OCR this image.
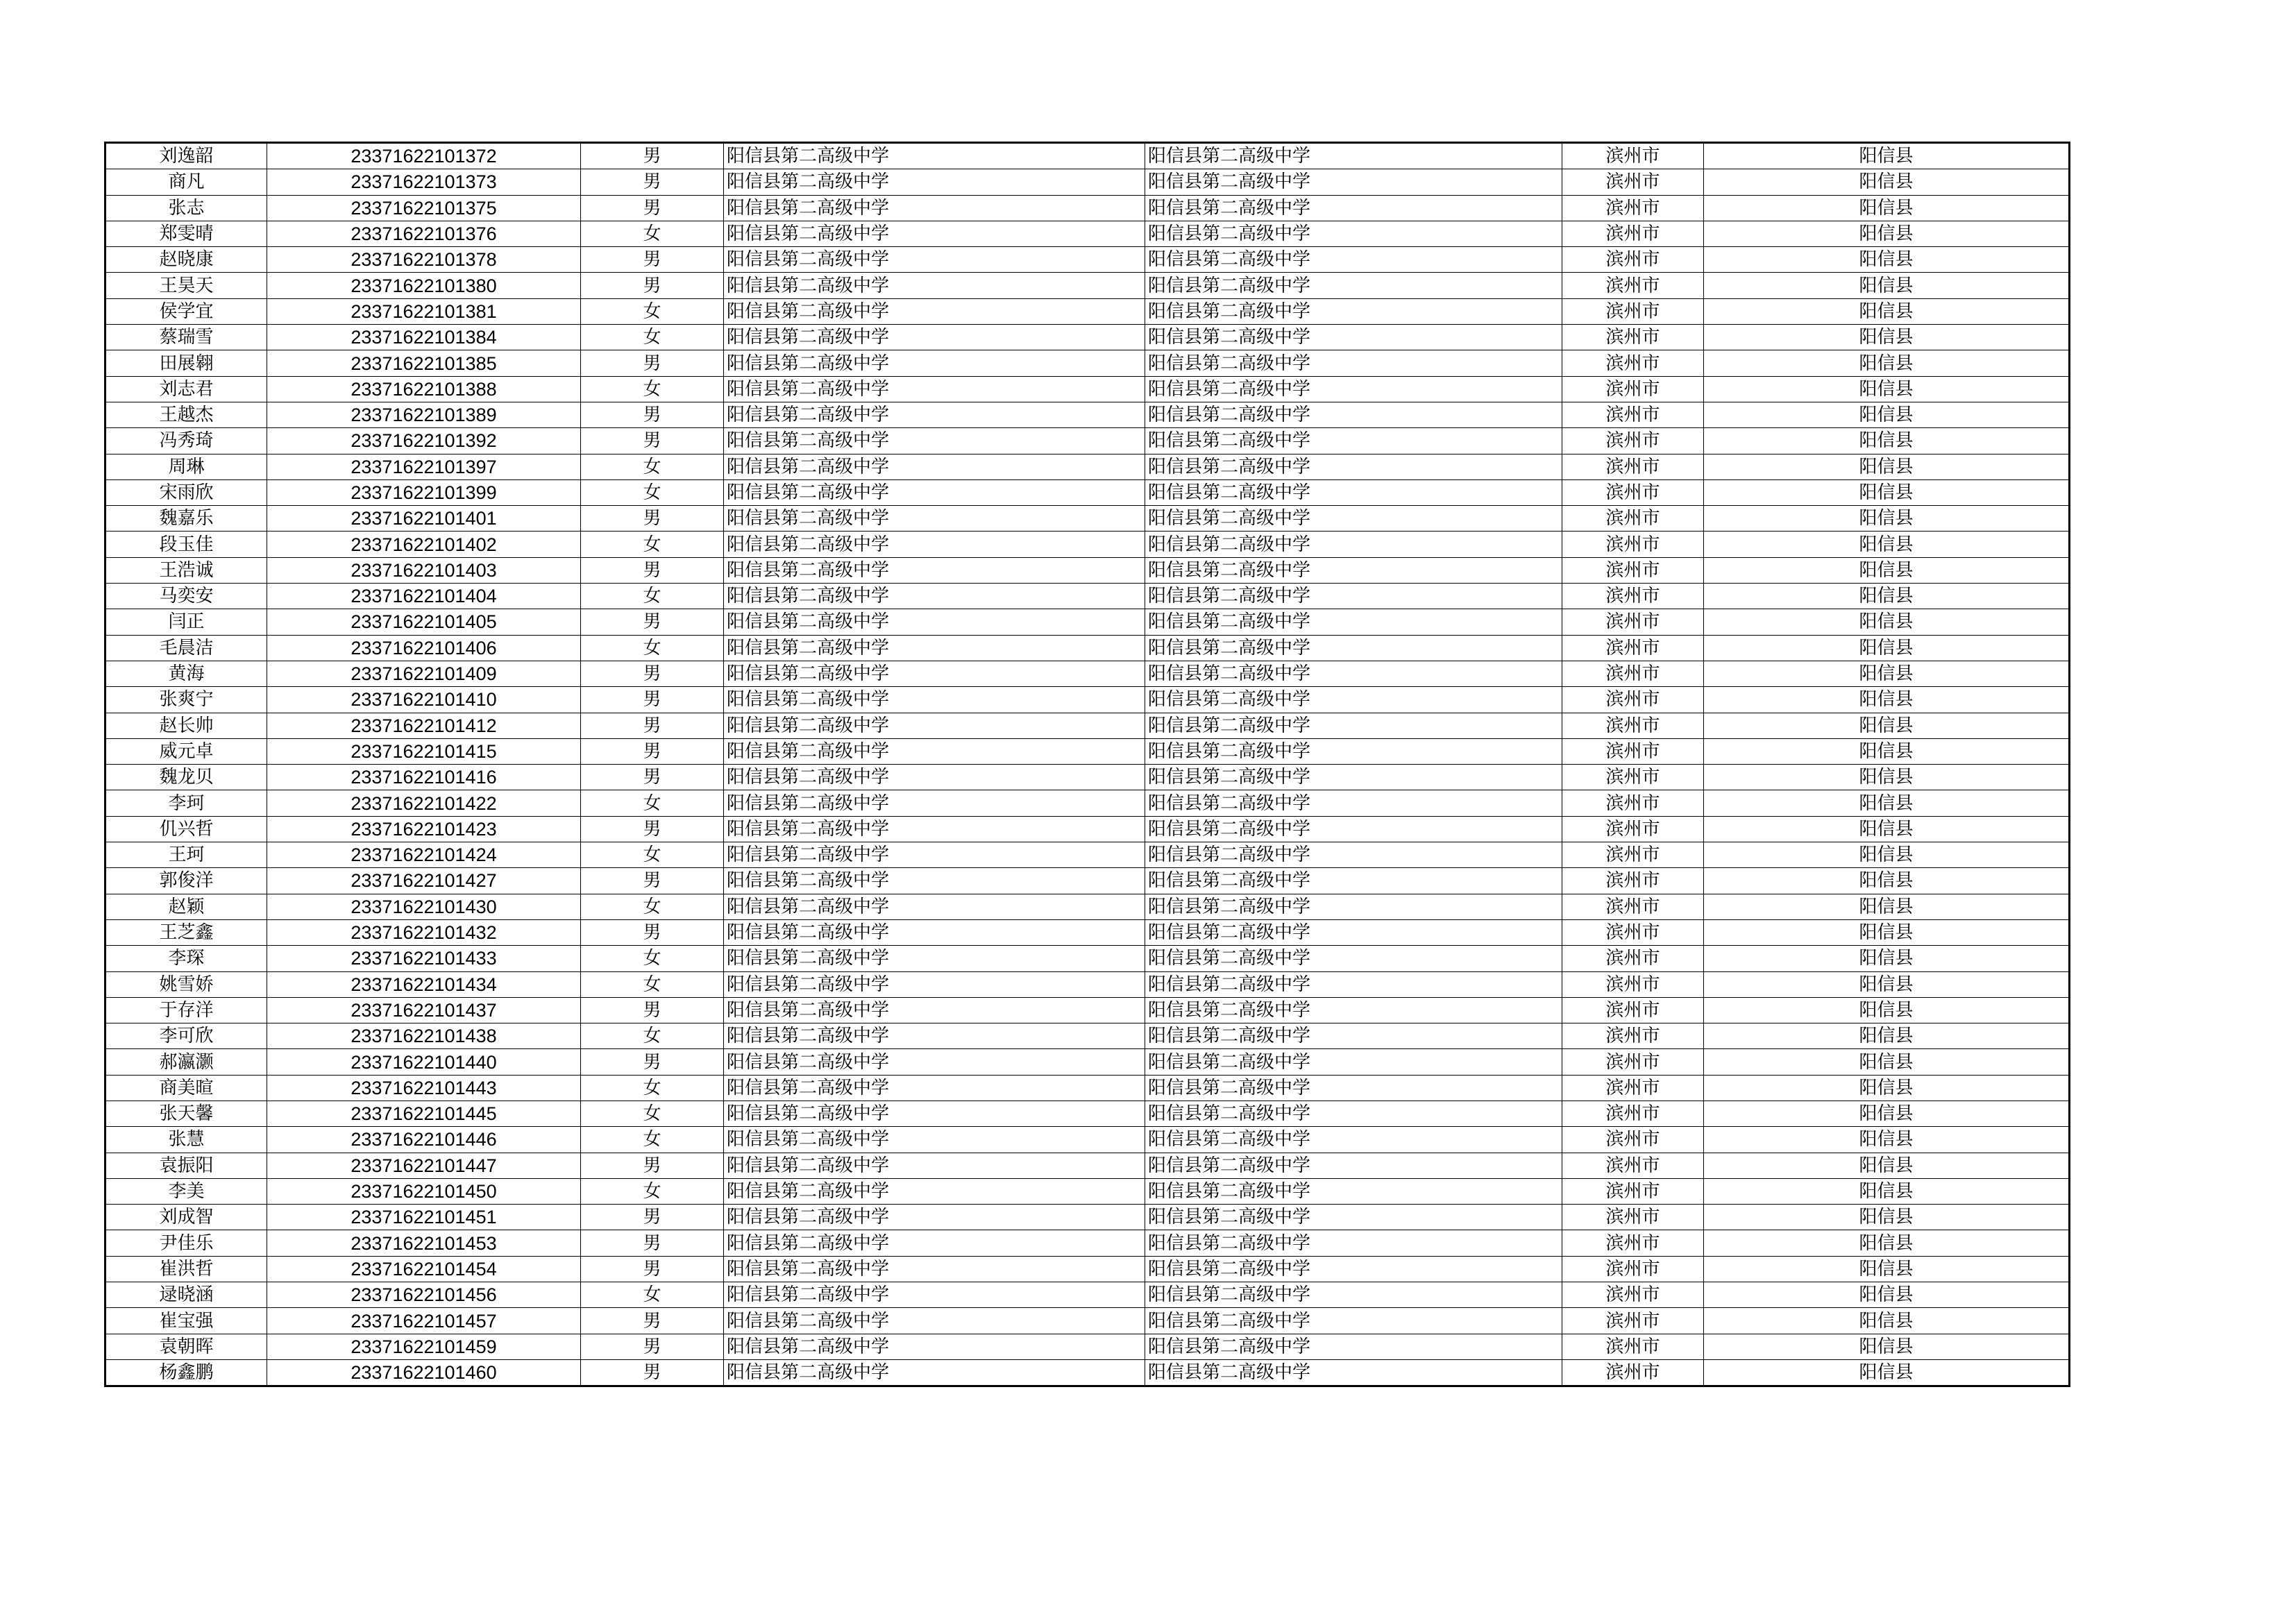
刘逸韶	23371622101372	男	阳信县第二高级中学	阳信县第二高级中学	滨州市	阳信县
商凡	23371622101373	男	阳信县第二高级中学	阳信县第二高级中学	滨州市	阳信县
张志	23371622101375	男	阳信县第二高级中学	阳信县第二高级中学	滨州市	阳信县
郑雯晴	23371622101376	女	阳信县第二高级中学	阳信县第二高级中学	滨州市	阳信县
赵晓康	23371622101378	男	阳信县第二高级中学	阳信县第二高级中学	滨州市	阳信县
王昊天	23371622101380	男	阳信县第二高级中学	阳信县第二高级中学	滨州市	阳信县
侯学宜	23371622101381	女	阳信县第二高级中学	阳信县第二高级中学	滨州市	阳信县
蔡瑞雪	23371622101384	女	阳信县第二高级中学	阳信县第二高级中学	滨州市	阳信县
田展翱	23371622101385	男	阳信县第二高级中学	阳信县第二高级中学	滨州市	阳信县
刘志君	23371622101388	女	阳信县第二高级中学	阳信县第二高级中学	滨州市	阳信县
王越杰	23371622101389	男	阳信县第二高级中学	阳信县第二高级中学	滨州市	阳信县
冯秀琦	23371622101392	男	阳信县第二高级中学	阳信县第二高级中学	滨州市	阳信县
周琳	23371622101397	女	阳信县第二高级中学	阳信县第二高级中学	滨州市	阳信县
宋雨欣	23371622101399	女	阳信县第二高级中学	阳信县第二高级中学	滨州市	阳信县
魏嘉乐	23371622101401	男	阳信县第二高级中学	阳信县第二高级中学	滨州市	阳信县
段玉佳	23371622101402	女	阳信县第二高级中学	阳信县第二高级中学	滨州市	阳信县
王浩诚	23371622101403	男	阳信县第二高级中学	阳信县第二高级中学	滨州市	阳信县
马奕安	23371622101404	女	阳信县第二高级中学	阳信县第二高级中学	滨州市	阳信县
闫正	23371622101405	男	阳信县第二高级中学	阳信县第二高级中学	滨州市	阳信县
毛晨洁	23371622101406	女	阳信县第二高级中学	阳信县第二高级中学	滨州市	阳信县
黄海	23371622101409	男	阳信县第二高级中学	阳信县第二高级中学	滨州市	阳信县
张爽宁	23371622101410	男	阳信县第二高级中学	阳信县第二高级中学	滨州市	阳信县
赵长帅	23371622101412	男	阳信县第二高级中学	阳信县第二高级中学	滨州市	阳信县
威元卓	23371622101415	男	阳信县第二高级中学	阳信县第二高级中学	滨州市	阳信县
魏龙贝	23371622101416	男	阳信县第二高级中学	阳信县第二高级中学	滨州市	阳信县
李珂	23371622101422	女	阳信县第二高级中学	阳信县第二高级中学	滨州市	阳信县
仉兴哲	23371622101423	男	阳信县第二高级中学	阳信县第二高级中学	滨州市	阳信县
王珂	23371622101424	女	阳信县第二高级中学	阳信县第二高级中学	滨州市	阳信县
郭俊洋	23371622101427	男	阳信县第二高级中学	阳信县第二高级中学	滨州市	阳信县
赵颖	23371622101430	女	阳信县第二高级中学	阳信县第二高级中学	滨州市	阳信县
王芝鑫	23371622101432	男	阳信县第二高级中学	阳信县第二高级中学	滨州市	阳信县
李琛	23371622101433	女	阳信县第二高级中学	阳信县第二高级中学	滨州市	阳信县
姚雪娇	23371622101434	女	阳信县第二高级中学	阳信县第二高级中学	滨州市	阳信县
于存洋	23371622101437	男	阳信县第二高级中学	阳信县第二高级中学	滨州市	阳信县
李可欣	23371622101438	女	阳信县第二高级中学	阳信县第二高级中学	滨州市	阳信县
郝瀛灏	23371622101440	男	阳信县第二高级中学	阳信县第二高级中学	滨州市	阳信县
商美暄	23371622101443	女	阳信县第二高级中学	阳信县第二高级中学	滨州市	阳信县
张天馨	23371622101445	女	阳信县第二高级中学	阳信县第二高级中学	滨州市	阳信县
张慧	23371622101446	女	阳信县第二高级中学	阳信县第二高级中学	滨州市	阳信县
袁振阳	23371622101447	男	阳信县第二高级中学	阳信县第二高级中学	滨州市	阳信县
李美	23371622101450	女	阳信县第二高级中学	阳信县第二高级中学	滨州市	阳信县
刘成智	23371622101451	男	阳信县第二高级中学	阳信县第二高级中学	滨州市	阳信县
尹佳乐	23371622101453	男	阳信县第二高级中学	阳信县第二高级中学	滨州市	阳信县
崔洪哲	23371622101454	男	阳信县第二高级中学	阳信县第二高级中学	滨州市	阳信县
逯晓涵	23371622101456	女	阳信县第二高级中学	阳信县第二高级中学	滨州市	阳信县
崔宝强	23371622101457	男	阳信县第二高级中学	阳信县第二高级中学	滨州市	阳信县
袁朝晖	23371622101459	男	阳信县第二高级中学	阳信县第二高级中学	滨州市	阳信县
杨鑫鹏	23371622101460	男	阳信县第二高级中学	阳信县第二高级中学	滨州市	阳信县
